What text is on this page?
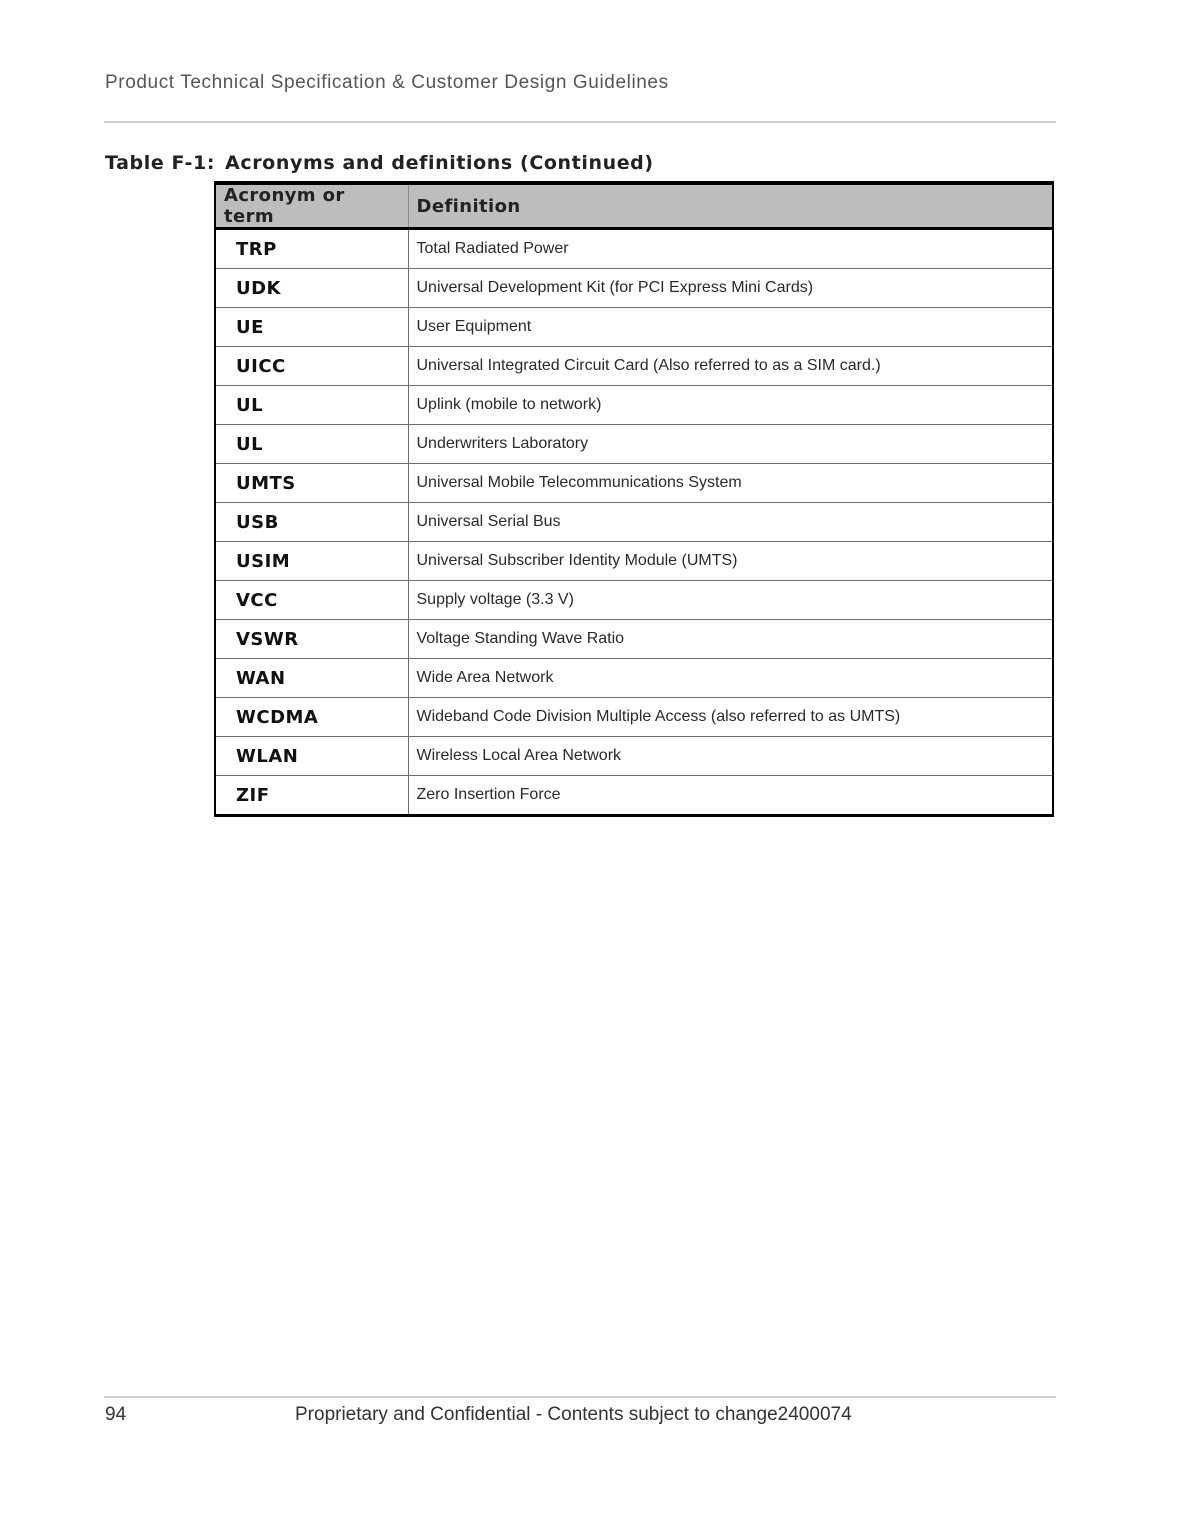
Product Technical Specification & Customer Design Guidelines
Table F-1: Acronyms and definitions (Continued)
Acronym or term	Definition
TRP	Total Radiated Power
UDK	Universal Development Kit (for PCI Express Mini Cards)
UE	User Equipment
UICC	Universal Integrated Circuit Card (Also referred to as a SIM card.)
UL	Uplink (mobile to network)
UL	Underwriters Laboratory
UMTS	Universal Mobile Telecommunications System
USB	Universal Serial Bus
USIM	Universal Subscriber Identity Module (UMTS)
VCC	Supply voltage (3.3 V)
VSWR	Voltage Standing Wave Ratio
WAN	Wide Area Network
WCDMA	Wideband Code Division Multiple Access (also referred to as UMTS)
WLAN	Wireless Local Area Network
ZIF	Zero Insertion Force
94	Proprietary and Confidential - Contents subject to change2400074
